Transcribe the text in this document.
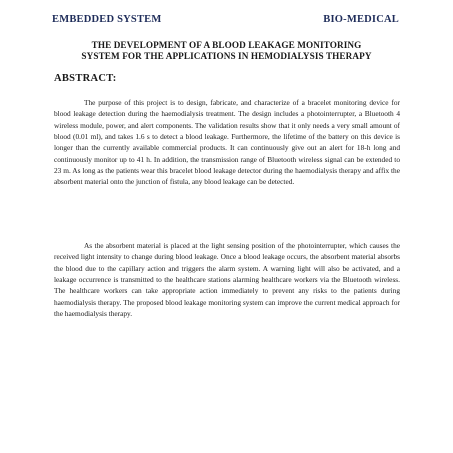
EMBEDDED SYSTEM	BIO-MEDICAL
THE DEVELOPMENT OF A BLOOD LEAKAGE MONITORING
SYSTEM FOR THE APPLICATIONS IN HEMODIALYSIS THERAPY
ABSTRACT:

The purpose of this project is to design, fabricate, and characterize of a bracelet monitoring device for blood leakage detection during the haemodialysis treatment. The design includes a photointerrupter, a Bluetooth 4 wireless module, power, and alert components. The validation results show that it only needs a very small amount of blood (0.01 ml), and takes 1.6 s to detect a blood leakage. Furthermore, the lifetime of the battery on this device is longer than the currently available commercial products. It can continuously give out an alert for 18-h long and continuously monitor up to 41 h. In addition, the transmission range of Bluetooth wireless signal can be extended to 23 m. As long as the patients wear this bracelet blood leakage detector during the haemodialysis therapy and affix the absorbent material onto the junction of fistula, any blood leakage can be detected.

As the absorbent material is placed at the light sensing position of the photointerrupter, which causes the received light intensity to change during blood leakage. Once a blood leakage occurs, the absorbent material absorbs the blood due to the capillary action and triggers the alarm system. A warning light will also be activated, and a leakage occurrence is transmitted to the healthcare stations alarming healthcare workers via the Bluetooth wireless. The healthcare workers can take appropriate action immediately to prevent any risks to the patients during haemodialysis therapy. The proposed blood leakage monitoring system can improve the current medical approach for the haemodialysis therapy.
